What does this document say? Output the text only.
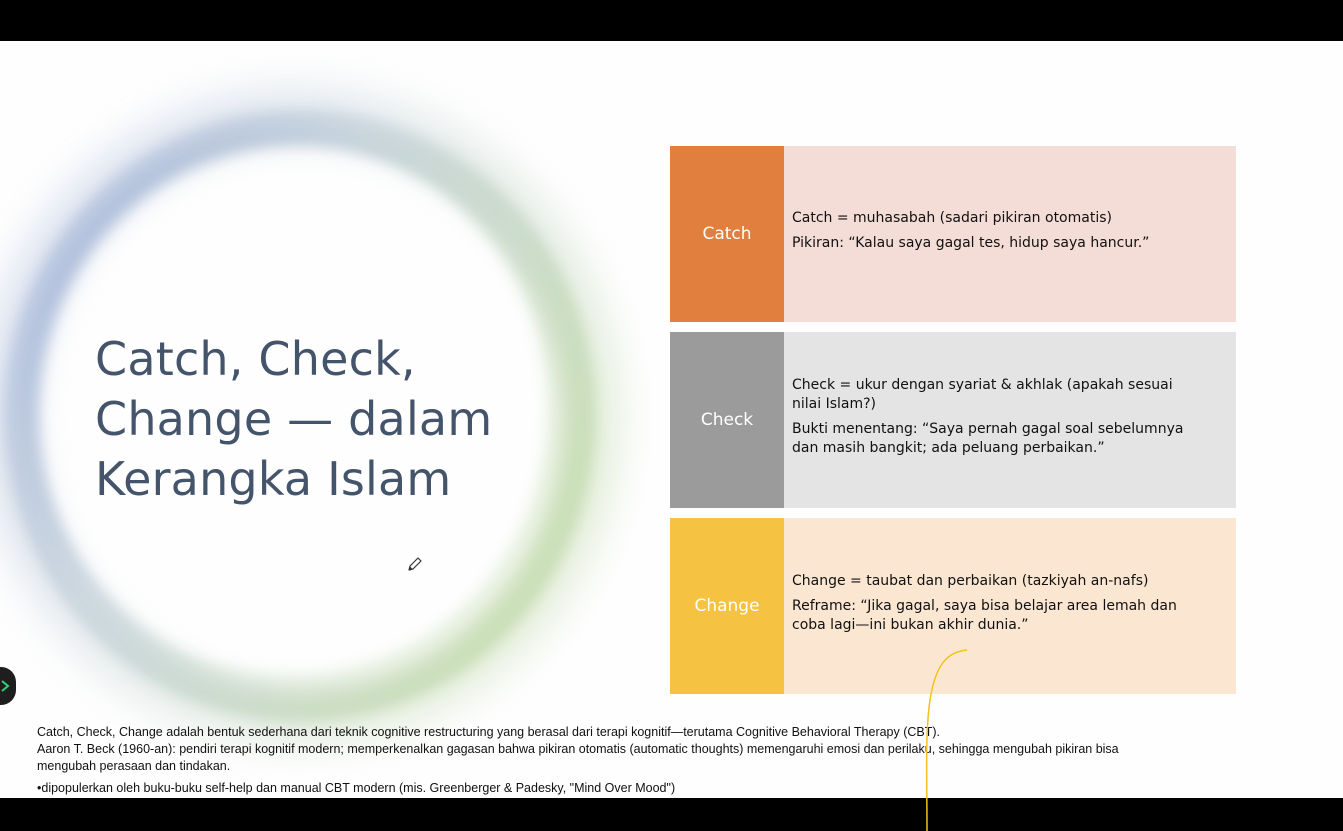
Catch, Check, Change — dalam Kerangka Islam
Catch

Catch = muhasabah (sadari pikiran otomatis)

Pikiran: “Kalau saya gagal tes, hidup saya hancur.”

Check

Check = ukur dengan syariat & akhlak (apakah sesuai nilai Islam?)

Bukti menentang: “Saya pernah gagal soal sebelumnya dan masih bangkit; ada peluang perbaikan.”

Change

Change = taubat dan perbaikan (tazkiyah an-nafs)

Reframe: “Jika gagal, saya bisa belajar area lemah dan coba lagi—ini bukan akhir dunia.”

Catch, Check, Change adalah bentuk sederhana dari teknik cognitive restructuring yang berasal dari terapi kognitif—terutama Cognitive Behavioral Therapy (CBT).

Aaron T. Beck (1960-an): pendiri terapi kognitif modern; memperkenalkan gagasan bahwa pikiran otomatis (automatic thoughts) memengaruhi emosi dan perilaku, sehingga mengubah pikiran bisa mengubah perasaan dan tindakan.

•dipopulerkan oleh buku-buku self-help dan manual CBT modern (mis. Greenberger & Padesky, "Mind Over Mood")
